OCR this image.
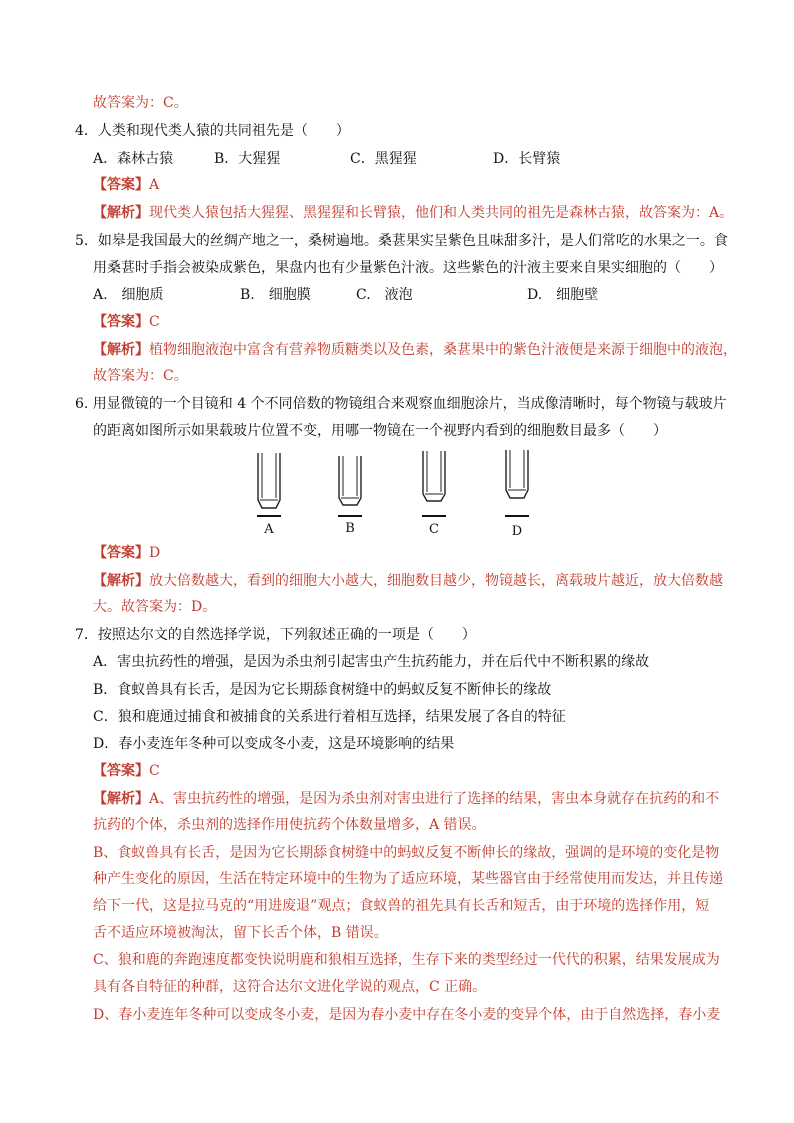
故答案为：C。
4．人类和现代类人猿的共同祖先是（　　）
A．森林古猿	B．大猩猩	C．黑猩猩	D．长臂猿
【答案】A
【解析】现代类人猿包括大猩猩、黑猩猩和长臂猿，他们和人类共同的祖先是森林古猿，故答案为：A。
5．如皋是我国最大的丝绸产地之一，桑树遍地。桑葚果实呈紫色且味甜多汁，是人们常吃的水果之一。食
用桑葚时手指会被染成紫色，果盘内也有少量紫色汁液。这些紫色的汁液主要来自果实细胞的（　　）
A.　细胞质	B.　细胞膜	C.　液泡	D.　细胞壁
【答案】C
【解析】植物细胞液泡中富含有营养物质糖类以及色素，桑葚果中的紫色汁液便是来源于细胞中的液泡，
故答案为：C。
6. 用显微镜的一个目镜和 4 个不同倍数的物镜组合来观察血细胞涂片，当成像清晰时，每个物镜与载玻片
的距离如图所示如果载玻片位置不变，用哪一物镜在一个视野内看到的细胞数目最多（　　）
A	B	C	D
【答案】D
【解析】放大倍数越大，看到的细胞大小越大，细胞数目越少，物镜越长，离载玻片越近，放大倍数越
大。故答案为：D。
7．按照达尔文的自然选择学说，下列叙述正确的一项是（　　）
A．害虫抗药性的增强，是因为杀虫剂引起害虫产生抗药能力，并在后代中不断积累的缘故
B．食蚁兽具有长舌，是因为它长期舔食树缝中的蚂蚁反复不断伸长的缘故
C．狼和鹿通过捕食和被捕食的关系进行着相互选择，结果发展了各自的特征
D．春小麦连年冬种可以变成冬小麦，这是环境影响的结果
【答案】C
【解析】A、害虫抗药性的增强，是因为杀虫剂对害虫进行了选择的结果，害虫本身就存在抗药的和不
抗药的个体，杀虫剂的选择作用使抗药个体数量增多，A 错误。
B、食蚁兽具有长舌，是因为它长期舔食树缝中的蚂蚁反复不断伸长的缘故，强调的是环境的变化是物
种产生变化的原因，生活在特定环境中的生物为了适应环境，某些器官由于经常使用而发达，并且传递
给下一代，这是拉马克的“用进废退”观点；食蚁兽的祖先具有长舌和短舌，由于环境的选择作用，短
舌不适应环境被淘汰，留下长舌个体，B 错误。
C、狼和鹿的奔跑速度都变快说明鹿和狼相互选择，生存下来的类型经过一代代的积累，结果发展成为
具有各自特征的种群，这符合达尔文进化学说的观点，C 正确。
D、春小麦连年冬种可以变成冬小麦，是因为春小麦中存在冬小麦的变异个体，由于自然选择，春小麦
